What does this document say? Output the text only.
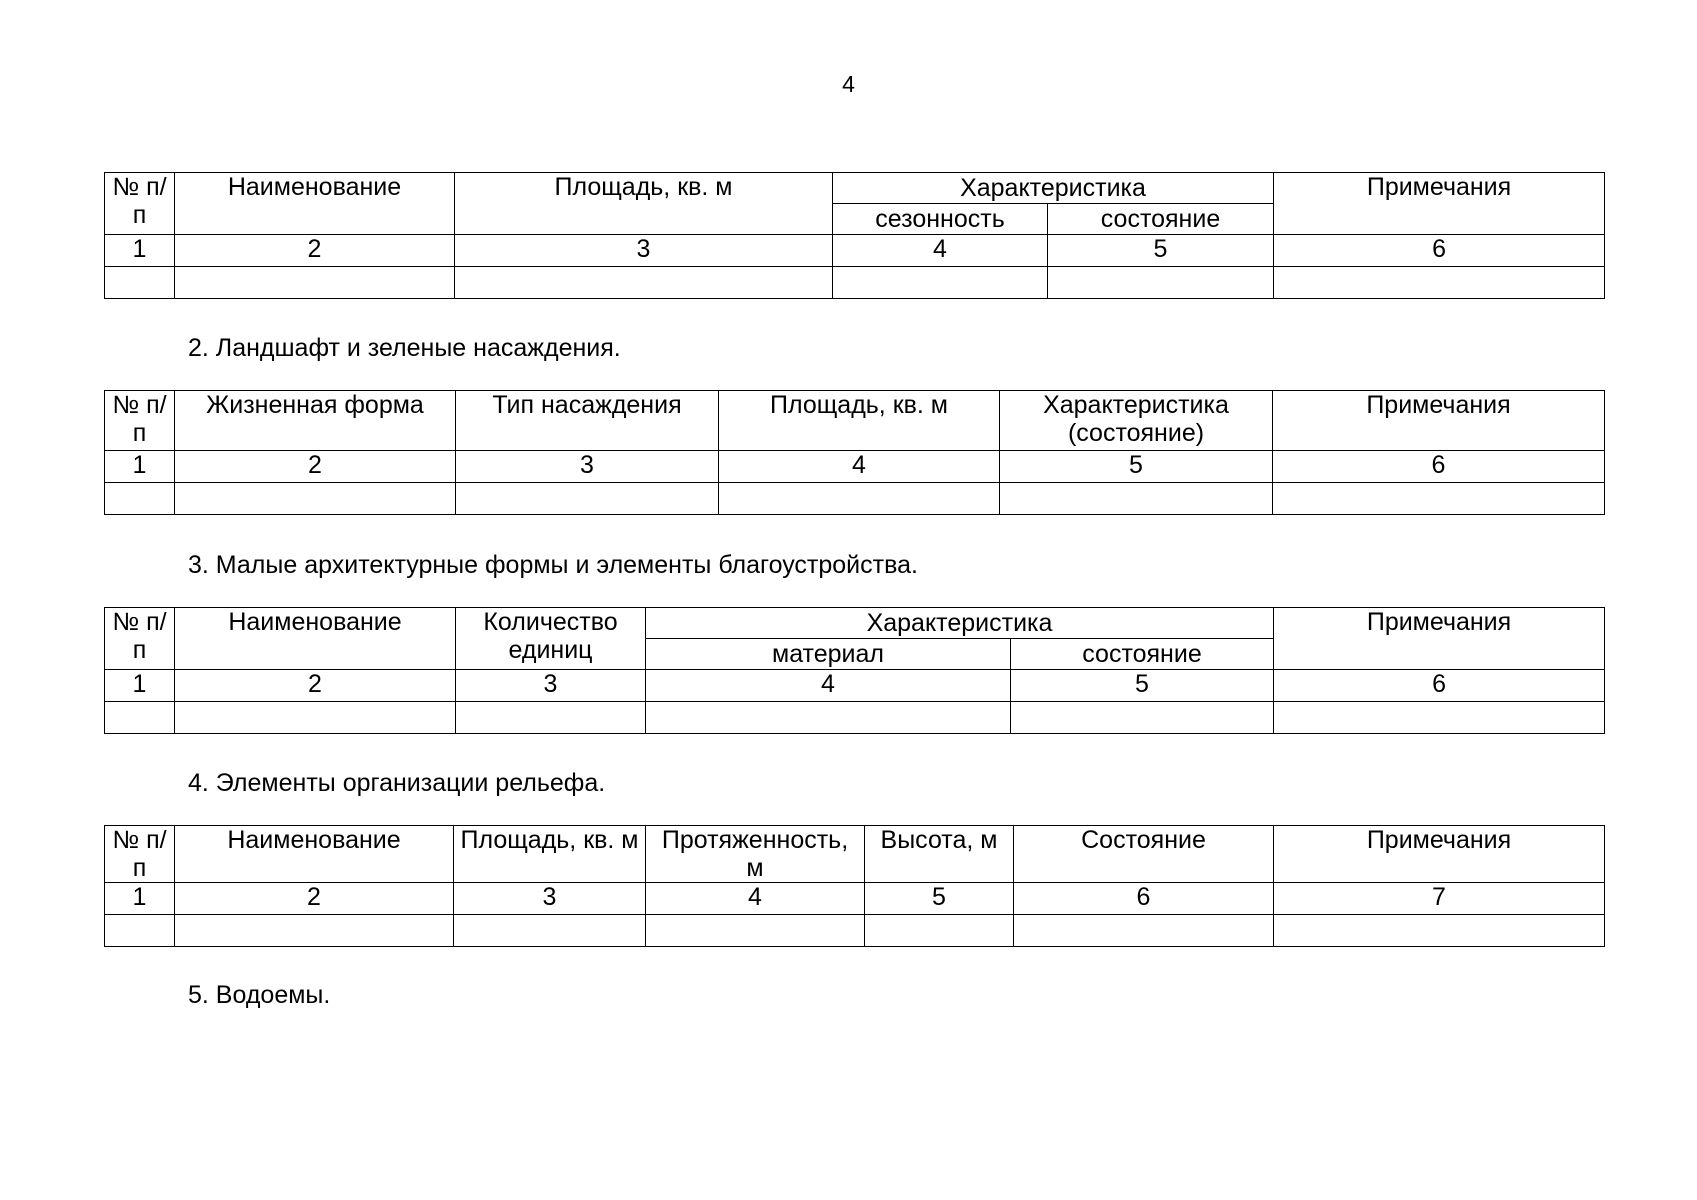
4
№ п/п	Наименование	Площадь, кв. м	Характеристика		Примечания
			сезонность	состояние	
1	2	3	4	5	6

2. Ландшафт и зеленые насаждения.
№ п/п	Жизненная форма	Тип насаждения	Площадь, кв. м	Характеристика (состояние)	Примечания
1	2	3	4	5	6

3. Малые архитектурные формы и элементы благоустройства.
№ п/п	Наименование	Количество единиц	Характеристика		Примечания
			материал	состояние	
1	2	3	4	5	6

4. Элементы организации рельефа.
№ п/п	Наименование	Площадь, кв. м	Протяженность, м	Высота, м	Состояние	Примечания
1	2	3	4	5	6	7

5. Водоемы.
